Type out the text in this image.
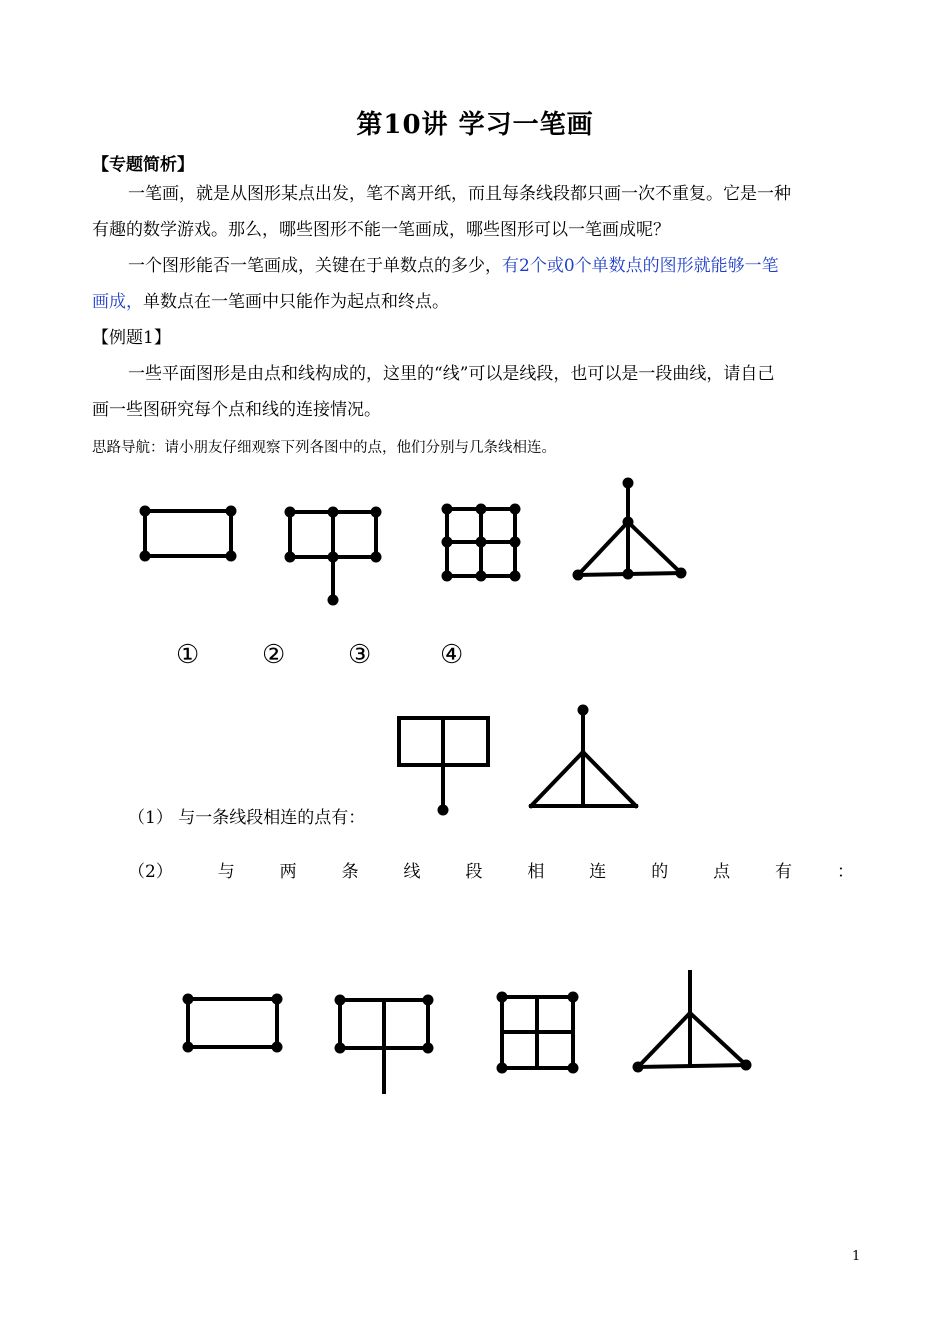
第10讲 学习一笔画
【专题简析】
一笔画，就是从图形某点出发，笔不离开纸，而且每条线段都只画一次不重复。它是一种
有趣的数学游戏。那么，哪些图形不能一笔画成，哪些图形可以一笔画成呢？
一个图形能否一笔画成，关键在于单数点的多少，有2个或0个单数点的图形就能够一笔
画成，单数点在一笔画中只能作为起点和终点。
【例题1】
一些平面图形是由点和线构成的，这里的“线”可以是线段，也可以是一段曲线，请自己
画一些图研究每个点和线的连接情况。
思路导航：请小朋友仔细观察下列各图中的点，他们分别与几条线相连。
① ② ③	④
（1） 与一条线段相连的点有：
（2）	与	两	条	线	段	相	连	的	点	有	：
1
